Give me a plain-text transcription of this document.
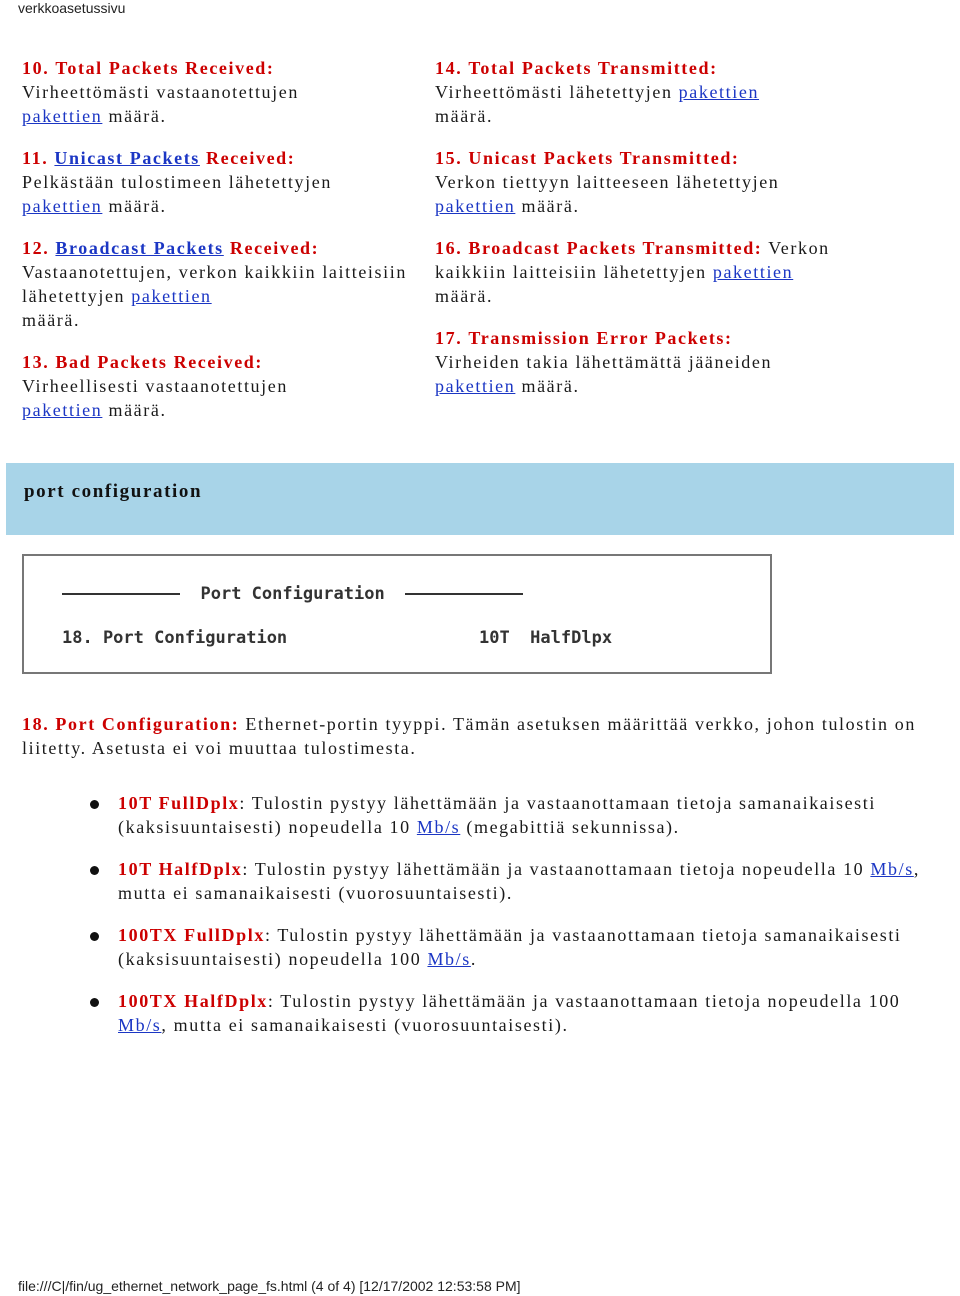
verkkoasetussivu
10. Total Packets Received:
Virheettömästi vastaanotettujen
pakettien määrä.
11. Unicast Packets Received:
Pelkästään tulostimeen lähetettyjen
pakettien määrä.
12. Broadcast Packets Received:
Vastaanotettujen, verkon kaikkiin laitteisiin lähetettyjen pakettien
määrä.
13. Bad Packets Received:
Virheellisesti vastaanotettujen
pakettien määrä.
14. Total Packets Transmitted:
Virheettömästi lähetettyjen pakettien
määrä.
15. Unicast Packets Transmitted:
Verkon tiettyyn laitteeseen lähetettyjen pakettien määrä.
16. Broadcast Packets Transmitted: Verkon kaikkiin laitteisiin lähetettyjen pakettien
määrä.
17. Transmission Error Packets:
Virheiden takia lähettämättä jääneiden pakettien määrä.
port configuration
Port Configuration
18. Port Configuration	10T  HalfDlpx
18. Port Configuration: Ethernet-portin tyyppi. Tämän asetuksen määrittää verkko, johon tulostin on liitetty. Asetusta ei voi muuttaa tulostimesta.
10T FullDplx: Tulostin pystyy lähettämään ja vastaanottamaan tietoja samanaikaisesti (kaksisuuntaisesti) nopeudella 10 Mb/s (megabittiä sekunnissa).
10T HalfDplx: Tulostin pystyy lähettämään ja vastaanottamaan tietoja nopeudella 10 Mb/s, mutta ei samanaikaisesti (vuorosuuntaisesti).
100TX FullDplx: Tulostin pystyy lähettämään ja vastaanottamaan tietoja samanaikaisesti (kaksisuuntaisesti) nopeudella 100 Mb/s.
100TX HalfDplx: Tulostin pystyy lähettämään ja vastaanottamaan tietoja nopeudella 100 Mb/s, mutta ei samanaikaisesti (vuorosuuntaisesti).
file:///C|/fin/ug_ethernet_network_page_fs.html (4 of 4) [12/17/2002 12:53:58 PM]
